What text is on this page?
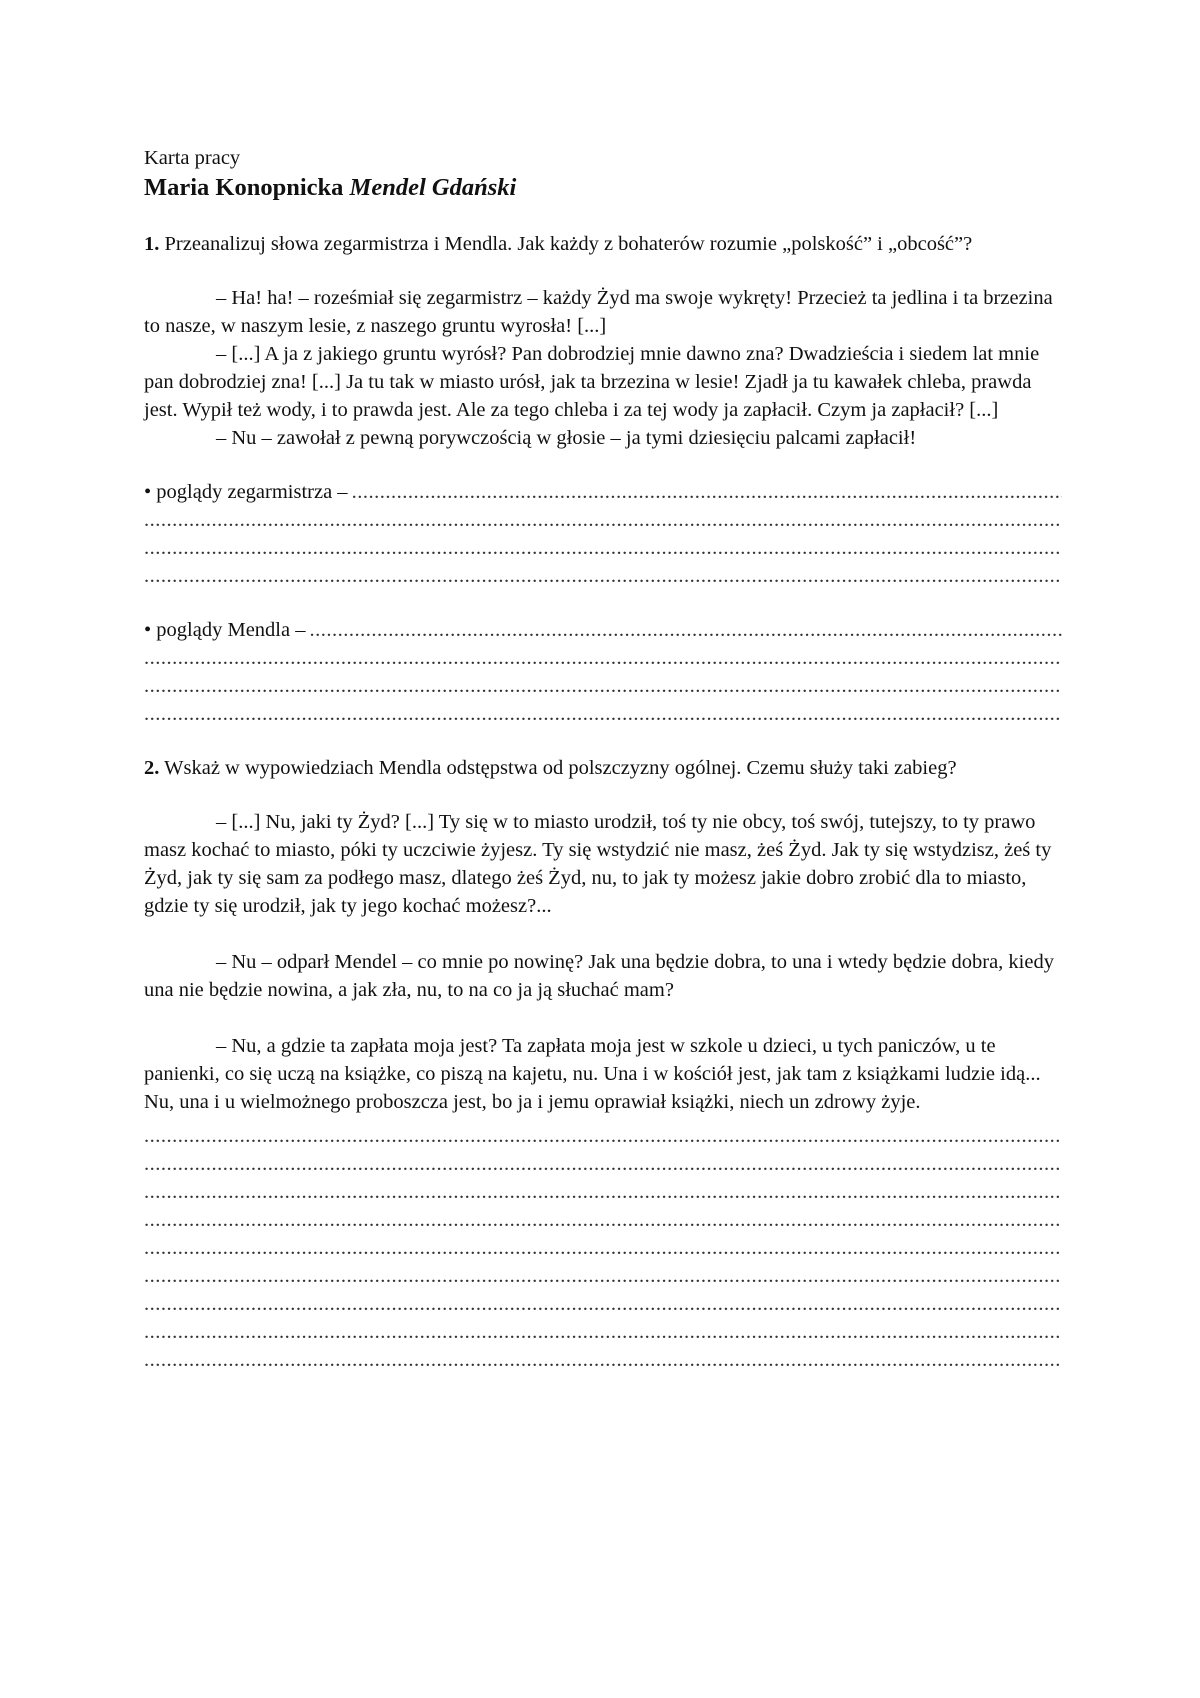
Karta pracy

Maria Konopnicka Mendel Gdański

1. Przeanalizuj słowa zegarmistrza i Mendla. Jak każdy z bohaterów rozumie „polskość” i „obcość”?

– Ha! ha! – roześmiał się zegarmistrz – każdy Żyd ma swoje wykręty! Przecież ta jedlina i ta brzezina to nasze, w naszym lesie, z naszego gruntu wyrosła! [...]

– [...] A ja z jakiego gruntu wyrósł? Pan dobrodziej mnie dawno zna? Dwadzieścia i siedem lat mnie pan dobrodziej zna! [...] Ja tu tak w miasto urósł, jak ta brzezina w lesie! Zjadł ja tu kawałek chleba, prawda jest. Wypił też wody, i to prawda jest. Ale za tego chleba i za tej wody ja zapłacił. Czym ja zapłacił? [...]

– Nu – zawołał z pewną porywczością w głosie – ja tymi dziesięciu palcami zapłacił!

• poglądy zegarmistrza –
.....
.....
.....
.....
• poglądy Mendla –
.....
.....
.....
.....

2. Wskaż w wypowiedziach Mendla odstępstwa od polszczyzny ogólnej. Czemu służy taki zabieg?

– [...] Nu, jaki ty Żyd? [...] Ty się w to miasto urodził, toś ty nie obcy, toś swój, tutejszy, to ty prawo masz kochać to miasto, póki ty uczciwie żyjesz. Ty się wstydzić nie masz, żeś Żyd. Jak ty się wstydzisz, żeś ty Żyd, jak ty się sam za podłego masz, dlatego żeś Żyd, nu, to jak ty możesz jakie dobro zrobić dla to miasto, gdzie ty się urodził, jak ty jego kochać możesz?...

– Nu – odparł Mendel – co mnie po nowinę? Jak una będzie dobra, to una i wtedy będzie dobra, kiedy una nie będzie nowina, a jak zła, nu, to na co ja ją słuchać mam?

– Nu, a gdzie ta zapłata moja jest? Ta zapłata moja jest w szkole u dzieci, u tych paniczów, u te panienki, co się uczą na książke, co piszą na kajetu, nu. Una i w kościół jest, jak tam z książkami ludzie idą... Nu, una i u wielmożnego proboszcza jest, bo ja i jemu oprawiał książki, niech un zdrowy żyje.

.....
.....
.....
.....
.....
.....
.....
.....
.....
